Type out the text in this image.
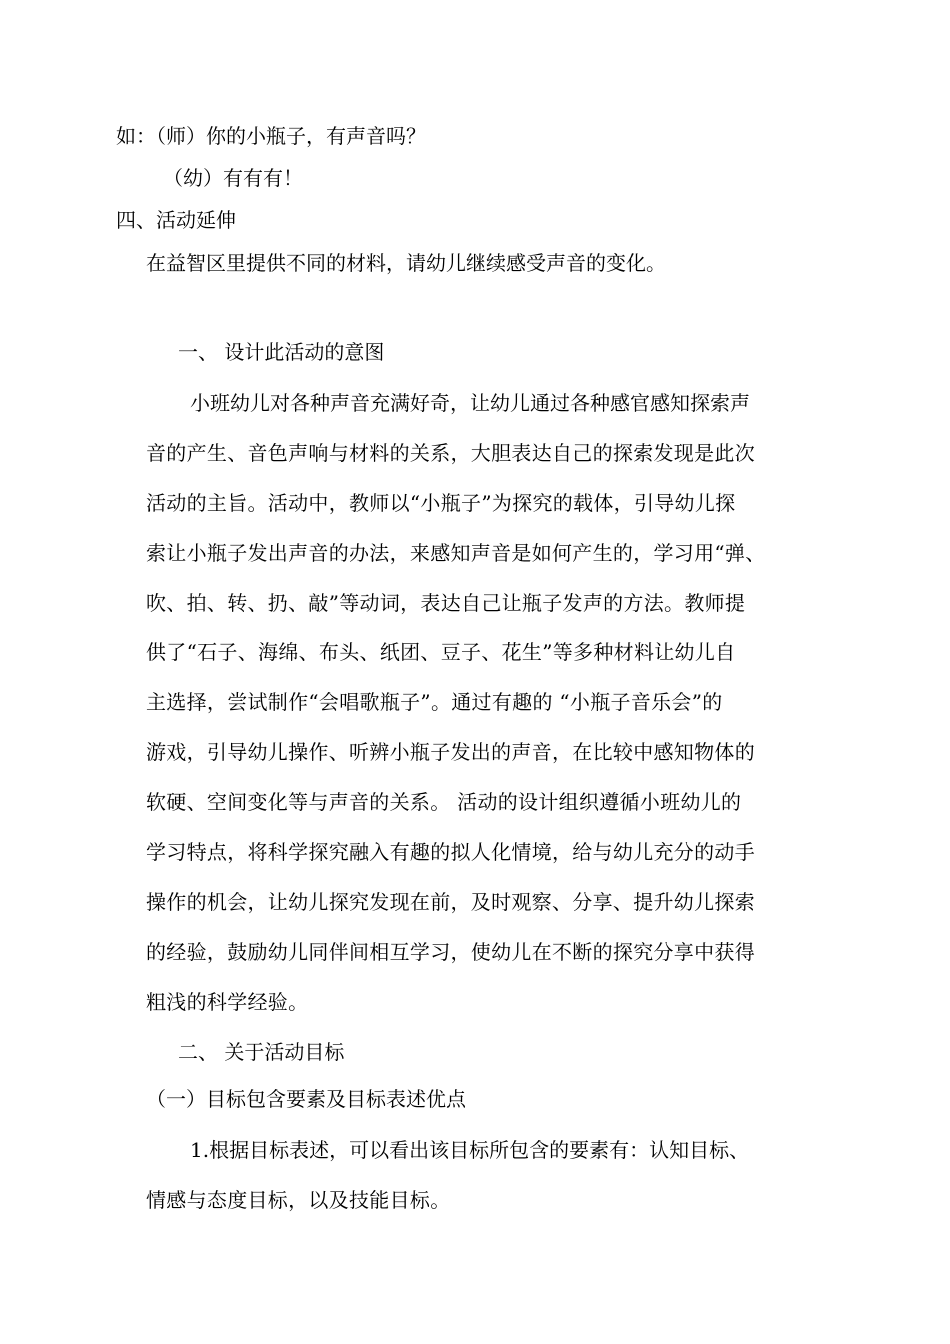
如：（师）你的小瓶子，有声音吗？

（幼）有有有！

四、活动延伸

在益智区里提供不同的材料，请幼儿继续感受声音的变化。

一、 设计此活动的意图

小班幼儿对各种声音充满好奇，让幼儿通过各种感官感知探索声

音的产生、音色声响与材料的关系，大胆表达自己的探索发现是此次

活动的主旨。活动中，教师以“小瓶子”为探究的载体，引导幼儿探

索让小瓶子发出声音的办法，来感知声音是如何产生的，学习用“弹、

吹、拍、转、扔、敲”等动词，表达自己让瓶子发声的方法。教师提

供了“石子、海绵、布头、纸团、豆子、花生”等多种材料让幼儿自

主选择，尝试制作“会唱歌瓶子”。通过有趣的 “小瓶子音乐会”的

游戏，引导幼儿操作、听辨小瓶子发出的声音，在比较中感知物体的

软硬、空间变化等与声音的关系。 活动的设计组织遵循小班幼儿的

学习特点，将科学探究融入有趣的拟人化情境，给与幼儿充分的动手

操作的机会，让幼儿探究发现在前，及时观察、分享、提升幼儿探索

的经验，鼓励幼儿同伴间相互学习，使幼儿在不断的探究分享中获得

粗浅的科学经验。

二、 关于活动目标

（一）目标包含要素及目标表述优点

1.根据目标表述，可以看出该目标所包含的要素有：认知目标、

情感与态度目标，以及技能目标。
